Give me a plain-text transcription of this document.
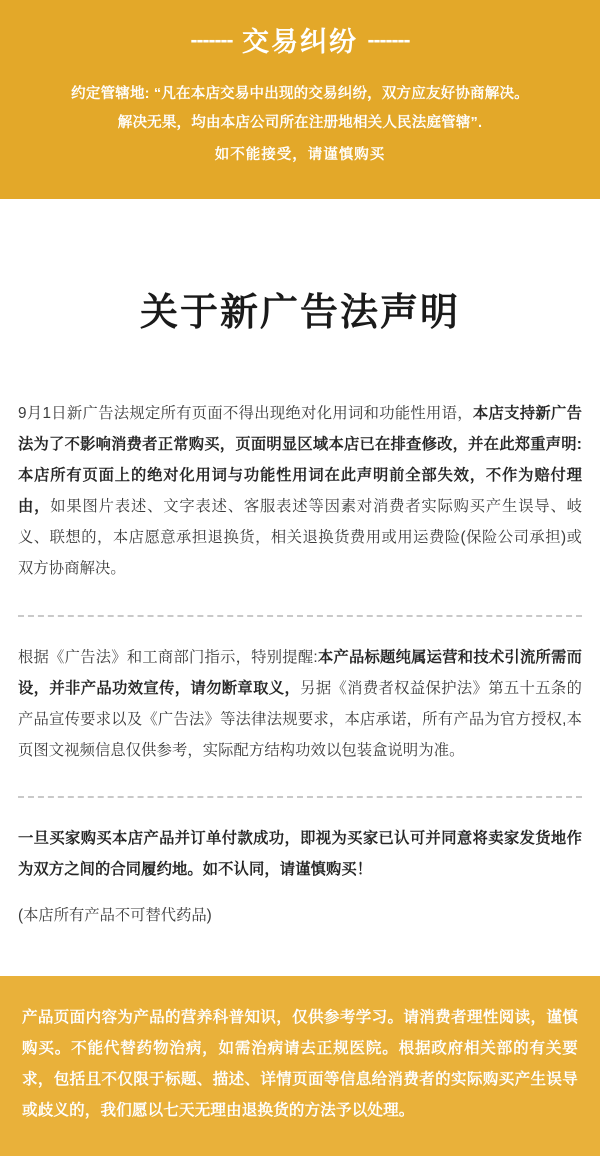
------- 交易纠纷 -------
约定管辖地: “凡在本店交易中出现的交易纠纷，双方应友好协商解决。
解决无果，均由本店公司所在注册地相关人民法庭管辖”.
如不能接受，请谨慎购买
关于新广告法声明

9月1日新广告法规定所有页面不得出现绝对化用词和功能性用语，本店支持新广告法为了不影响消费者正常购买，页面明显区域本店已在排查修改，并在此郑重声明:本店所有页面上的绝对化用词与功能性用词在此声明前全部失效，不作为赔付理由，如果图片表述、文字表述、客服表述等因素对消费者实际购买产生误导、岐义、联想的，本店愿意承担退换货，相关退换货费用或用运费险(保险公司承担)或双方协商解决。

根据《广告法》和工商部门指示，特别提醒:本产品标题纯属运营和技术引流所需而设，并非产品功效宣传，请勿断章取义，另据《消费者权益保护法》第五十五条的产品宣传要求以及《广告法》等法律法规要求，本店承诺，所有产品为官方授权,本页图文视频信息仅供参考，实际配方结构功效以包装盒说明为准。

一旦买家购买本店产品并订单付款成功，即视为买家已认可并同意将卖家发货地作为双方之间的合同履约地。如不认同，请谨慎购买！

(本店所有产品不可替代药品)
产品页面内容为产品的营养科普知识，仅供参考学习。请消费者理性阅读，谨慎购买。不能代替药物治病，如需治病请去正规医院。根据政府相关部的有关要求，包括且不仅限于标题、描述、详情页面等信息给消费者的实际购买产生误导或歧义的，我们愿以七天无理由退换货的方法予以处理。
